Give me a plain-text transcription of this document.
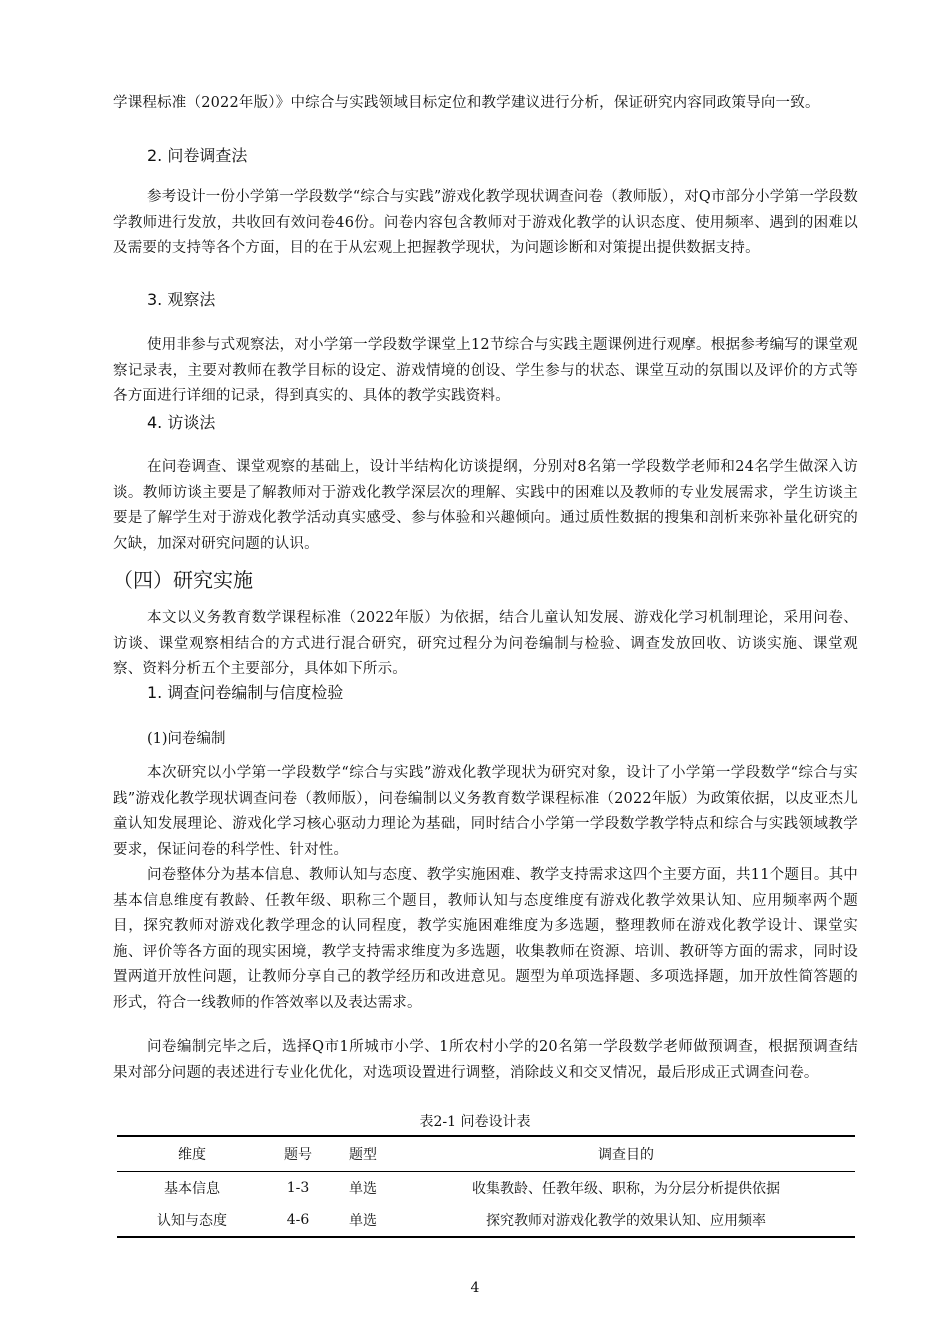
学课程标准（2022年版）》中综合与实践领域目标定位和教学建议进行分析，保证研究内容同政策导向一致。
2. 问卷调查法
参考设计一份小学第一学段数学“综合与实践”游戏化教学现状调查问卷（教师版），对Q市部分小学第一学段数学教师进行发放，共收回有效问卷46份。问卷内容包含教师对于游戏化教学的认识态度、使用频率、遇到的困难以及需要的支持等各个方面，目的在于从宏观上把握教学现状，为问题诊断和对策提出提供数据支持。
3. 观察法
使用非参与式观察法，对小学第一学段数学课堂上12节综合与实践主题课例进行观摩。根据参考编写的课堂观察记录表，主要对教师在教学目标的设定、游戏情境的创设、学生参与的状态、课堂互动的氛围以及评价的方式等各方面进行详细的记录，得到真实的、具体的教学实践资料。
4. 访谈法
在问卷调查、课堂观察的基础上，设计半结构化访谈提纲，分别对8名第一学段数学老师和24名学生做深入访谈。教师访谈主要是了解教师对于游戏化教学深层次的理解、实践中的困难以及教师的专业发展需求，学生访谈主要是了解学生对于游戏化教学活动真实感受、参与体验和兴趣倾向。通过质性数据的搜集和剖析来弥补量化研究的欠缺，加深对研究问题的认识。
（四）研究实施
本文以义务教育数学课程标准（2022年版）为依据，结合儿童认知发展、游戏化学习机制理论，采用问卷、访谈、课堂观察相结合的方式进行混合研究，研究过程分为问卷编制与检验、调查发放回收、访谈实施、课堂观察、资料分析五个主要部分，具体如下所示。
1. 调查问卷编制与信度检验
(1)问卷编制
本次研究以小学第一学段数学“综合与实践”游戏化教学现状为研究对象，设计了小学第一学段数学“综合与实践”游戏化教学现状调查问卷（教师版），问卷编制以义务教育数学课程标准（2022年版）为政策依据，以皮亚杰儿童认知发展理论、游戏化学习核心驱动力理论为基础，同时结合小学第一学段数学教学特点和综合与实践领域教学要求，保证问卷的科学性、针对性。
问卷整体分为基本信息、教师认知与态度、教学实施困难、教学支持需求这四个主要方面，共11个题目。其中基本信息维度有教龄、任教年级、职称三个题目，教师认知与态度维度有游戏化教学效果认知、应用频率两个题目，探究教师对游戏化教学理念的认同程度，教学实施困难维度为多选题，整理教师在游戏化教学设计、课堂实施、评价等各方面的现实困境，教学支持需求维度为多选题，收集教师在资源、培训、教研等方面的需求，同时设置两道开放性问题，让教师分享自己的教学经历和改进意见。题型为单项选择题、多项选择题，加开放性简答题的形式，符合一线教师的作答效率以及表达需求。
问卷编制完毕之后，选择Q市1所城市小学、1所农村小学的20名第一学段数学老师做预调查，根据预调查结果对部分问题的表述进行专业化优化，对选项设置进行调整，消除歧义和交叉情况，最后形成正式调查问卷。
表2-1 问卷设计表
维度	题号	题型	调查目的
基本信息	1-3	单选	收集教龄、任教年级、职称，为分层分析提供依据
认知与态度	4-6	单选	探究教师对游戏化教学的效果认知、应用频率
4
